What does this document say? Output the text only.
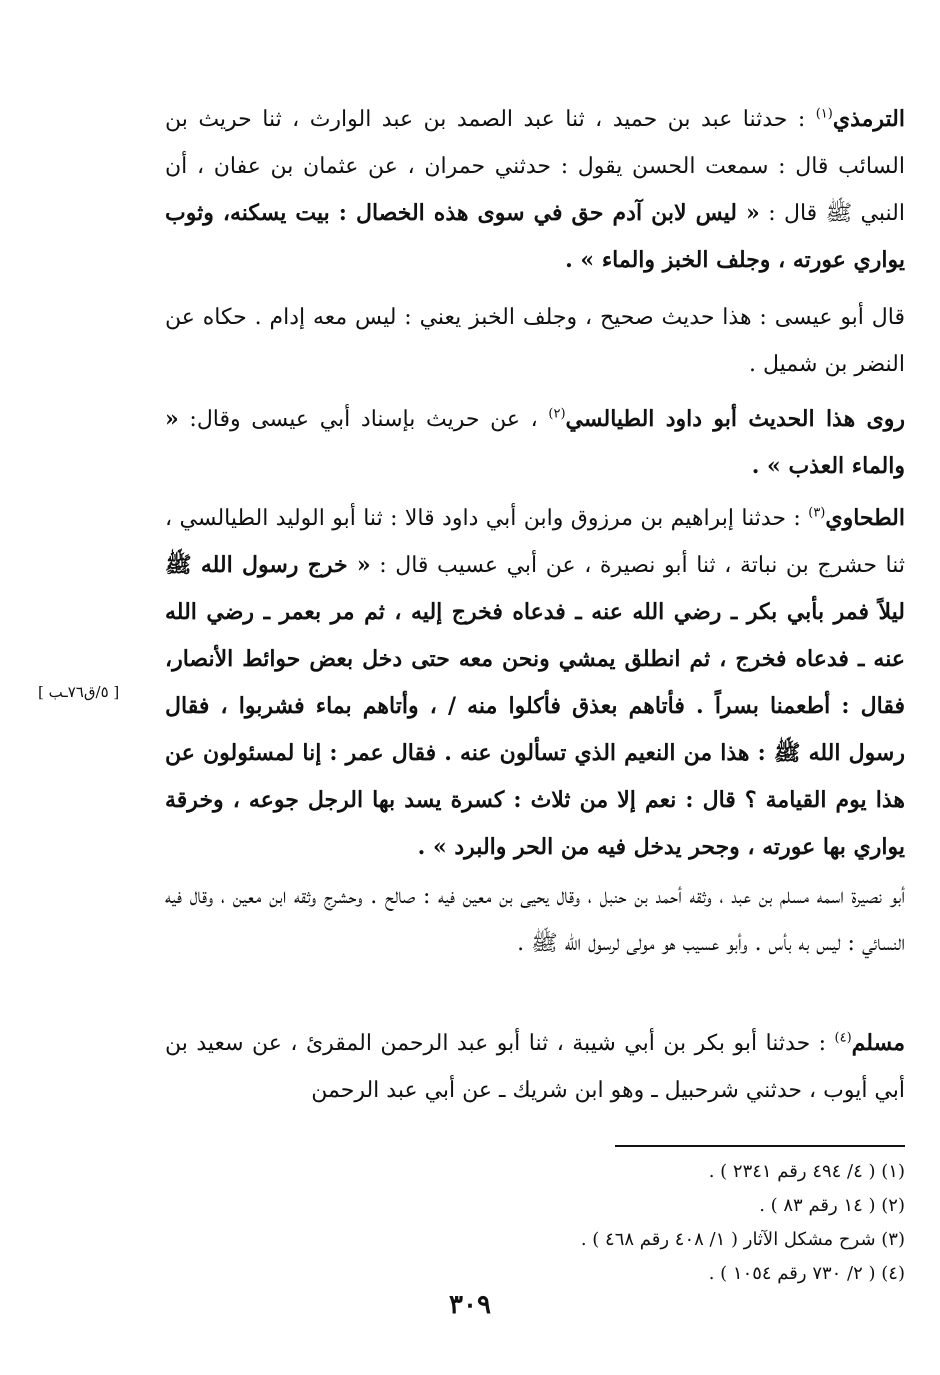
الترمذي$^{(١)}$ : حدثنا عبد بن حميد ، ثنا عبد الصمد بن عبد الوارث ، ثنا حريث بن السائب قال : سمعت الحسن يقول : حدثني حمران ، عن عثمان بن عفان ، أن النبي ﷺ قال : « ليس لابن آدم حق في سوى هذه الخصال : بيت يسكنه، وثوب يواري عورته ، وجلف الخبز والماء » .
قال أبو عيسى : هذا حديث صحيح ، وجلف الخبز يعني : ليس معه إدام . حكاه عن النضر بن شميل .
روى هذا الحديث أبو داود الطيالسي$^{(٢)}$ ، عن حريث بإسناد أبي عيسى وقال: « والماء العذب » .
الطحاوي$^{(٣)}$ : حدثنا إبراهيم بن مرزوق وابن أبي داود قالا : ثنا أبو الوليد الطيالسي ، ثنا حشرج بن نباتة ، ثنا أبو نصيرة ، عن أبي عسيب قال : « خرج رسول الله ﷺ ليلاً فمر بأبي بكر ـ رضي الله عنه ـ فدعاه فخرج إليه ، ثم مر بعمر ـ رضي الله عنه ـ فدعاه فخرج ، ثم انطلق يمشي ونحن معه حتى دخل بعض حوائط الأنصار، فقال : أطعمنا بسراً . فأتاهم بعذق فأكلوا منه / ، وأتاهم بماء فشربوا ، فقال رسول الله ﷺ : هذا من النعيم الذي تسألون عنه . فقال عمر : إنا لمسئولون عن هذا يوم القيامة ؟ قال : نعم إلا من ثلاث : كسرة يسد بها الرجل جوعه ، وخرقة يواري بها عورته ، وجحر يدخل فيه من الحر والبرد » .
[ ٥/ق٧٦ـب ]
أبو نصيرة اسمه مسلم بن عبد ، وثقه أحمد بن حنبل ، وقال يحيى بن معين فيه : صالح . وحشرج وثقه ابن معين ، وقال فيه النسائي : ليس به بأس . وأبو عسيب هو مولى لرسول الله ﷺ .
مسلم$^{(٤)}$ : حدثنا أبو بكر بن أبي شيبة ، ثنا أبو عبد الرحمن المقرئ ، عن سعيد بن أبي أيوب ، حدثني شرحبيل ـ وهو ابن شريك ـ عن أبي عبد الرحمن
(١) ( ٤/ ٤٩٤ رقم ٢٣٤١ ) .
(٢) ( ١٤ رقم ٨٣ ) .
(٣) شرح مشكل الآثار ( ١/ ٤٠٨ رقم ٤٦٨ ) .
(٤) ( ٢/ ٧٣٠ رقم ١٠٥٤ ) .
٣٠٩
